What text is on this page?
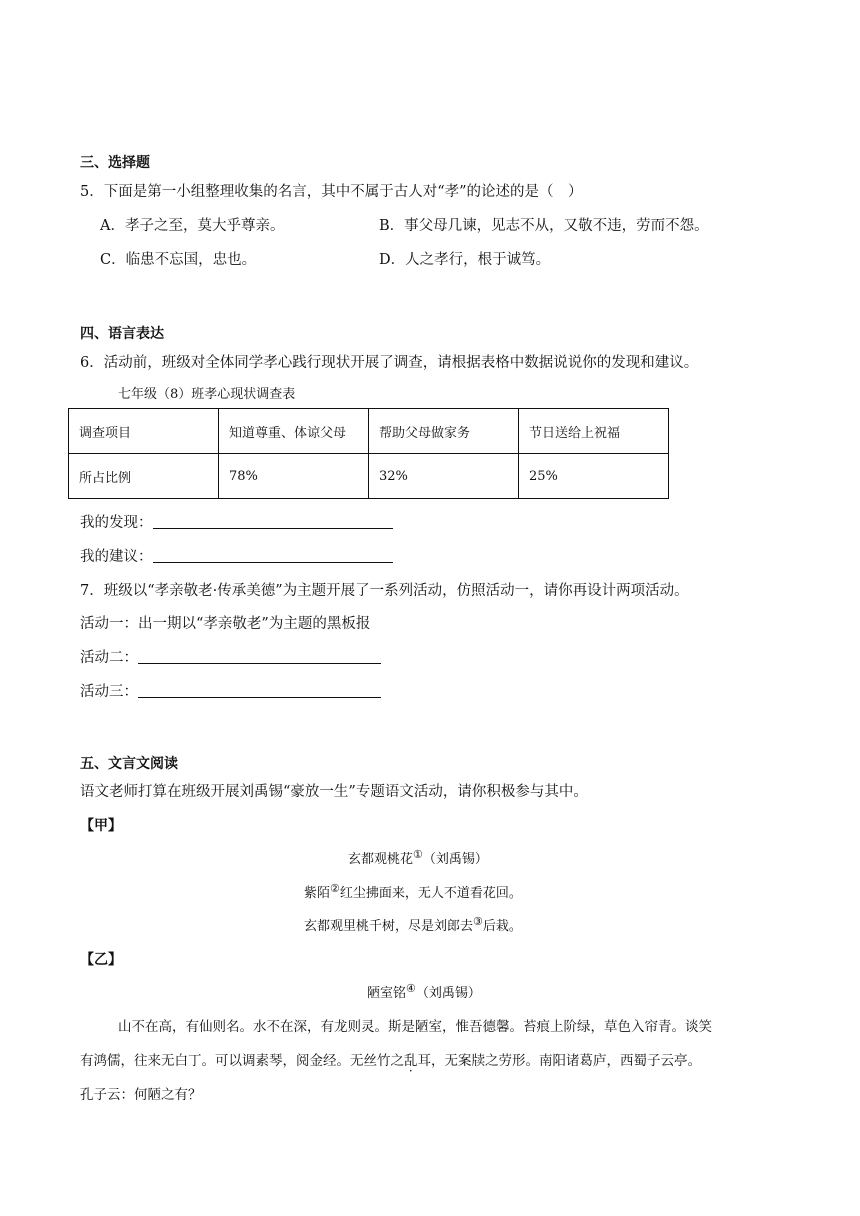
三、选择题
5．下面是第一小组整理收集的名言，其中不属于古人对“孝”的论述的是（　）
A．孝子之至，莫大乎尊亲。	B．事父母几谏，见志不从，又敬不违，劳而不怨。
C．临患不忘国，忠也。	D．人之孝行，根于诚笃。
四、语言表达
6．活动前，班级对全体同学孝心践行现状开展了调查，请根据表格中数据说说你的发现和建议。
七年级（8）班孝心现状调查表
调查项目	知道尊重、体谅父母	帮助父母做家务	节日送给上祝福
所占比例	78%	32%	25%
我的发现：
我的建议：
7．班级以“孝亲敬老·传承美德”为主题开展了一系列活动，仿照活动一，请你再设计两项活动。
活动一：出一期以“孝亲敬老”为主题的黑板报
活动二：
活动三：
五、文言文阅读
语文老师打算在班级开展刘禹锡“豪放一生”专题语文活动，请你积极参与其中。
【甲】
玄都观桃花①（刘禹锡）
紫陌②红尘拂面来，无人不道看花回。
玄都观里桃千树，尽是刘郎去③后栽。
【乙】
陋室铭④（刘禹锡）
山不在高，有仙则名。水不在深，有龙则灵。斯是陋室，惟吾德馨。苔痕上阶绿，草色入帘青。谈笑
有鸿儒，往来无白丁。可以调素琴，阅金经。无丝竹之乱耳，无案牍之劳形。南阳诸葛庐，西蜀子云亭。
孔子云：何陋之有？
